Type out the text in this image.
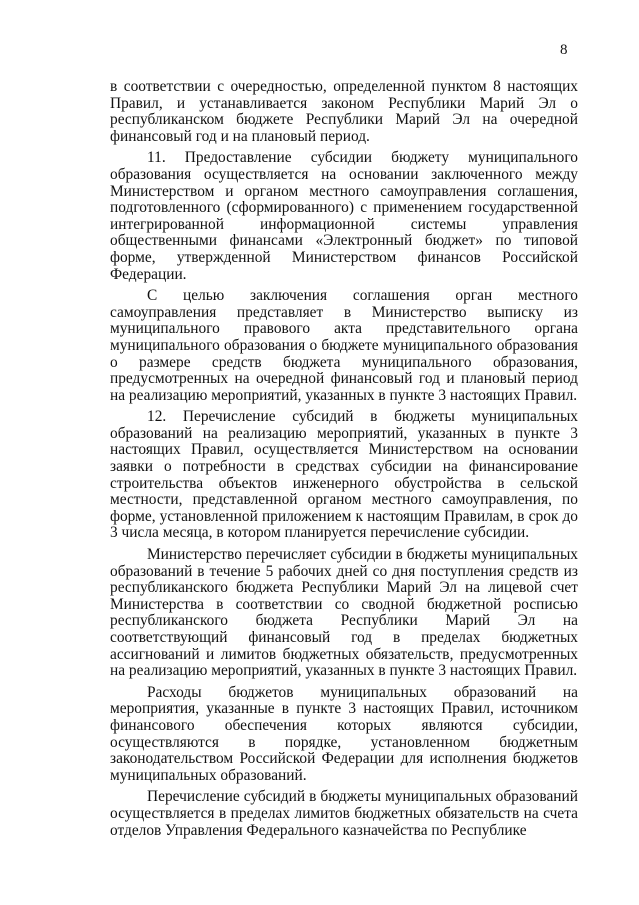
8

в соответствии с очередностью, определенной пунктом 8 настоящих Правил, и устанавливается законом Республики Марий Эл о республиканском бюджете Республики Марий Эл на очередной финансовый год и на плановый период.

11. Предоставление субсидии бюджету муниципального образования осуществляется на основании заключенного между Министерством и органом местного самоуправления соглашения, подготовленного (сформированного) с применением государственной интегрированной информационной системы управления общественными финансами «Электронный бюджет» по типовой форме, утвержденной Министерством финансов Российской Федерации.

С целью заключения соглашения орган местного самоуправления представляет в Министерство выписку из муниципального правового акта представительного органа муниципального образования о бюджете муниципального образования о размере средств бюджета муниципального образования, предусмотренных на очередной финансовый год и плановый период на реализацию мероприятий, указанных в пункте 3 настоящих Правил.

12. Перечисление субсидий в бюджеты муниципальных образований на реализацию мероприятий, указанных в пункте 3 настоящих Правил, осуществляется Министерством на основании заявки о потребности в средствах субсидии на финансирование строительства объектов инженерного обустройства в сельской местности, представленной органом местного самоуправления, по форме, установленной приложением к настоящим Правилам, в срок до 3 числа месяца, в котором планируется перечисление субсидии.

Министерство перечисляет субсидии в бюджеты муниципальных образований в течение 5 рабочих дней со дня поступления средств из республиканского бюджета Республики Марий Эл на лицевой счет Министерства в соответствии со сводной бюджетной росписью республиканского бюджета Республики Марий Эл на соответствующий финансовый год в пределах бюджетных ассигнований и лимитов бюджетных обязательств, предусмотренных на реализацию мероприятий, указанных в пункте 3 настоящих Правил.

Расходы бюджетов муниципальных образований на мероприятия, указанные в пункте 3 настоящих Правил, источником финансового обеспечения которых являются субсидии, осуществляются в порядке, установленном бюджетным законодательством Российской Федерации для исполнения бюджетов муниципальных образований.

Перечисление субсидий в бюджеты муниципальных образований осуществляется в пределах лимитов бюджетных обязательств на счета отделов Управления Федерального казначейства по Республике
